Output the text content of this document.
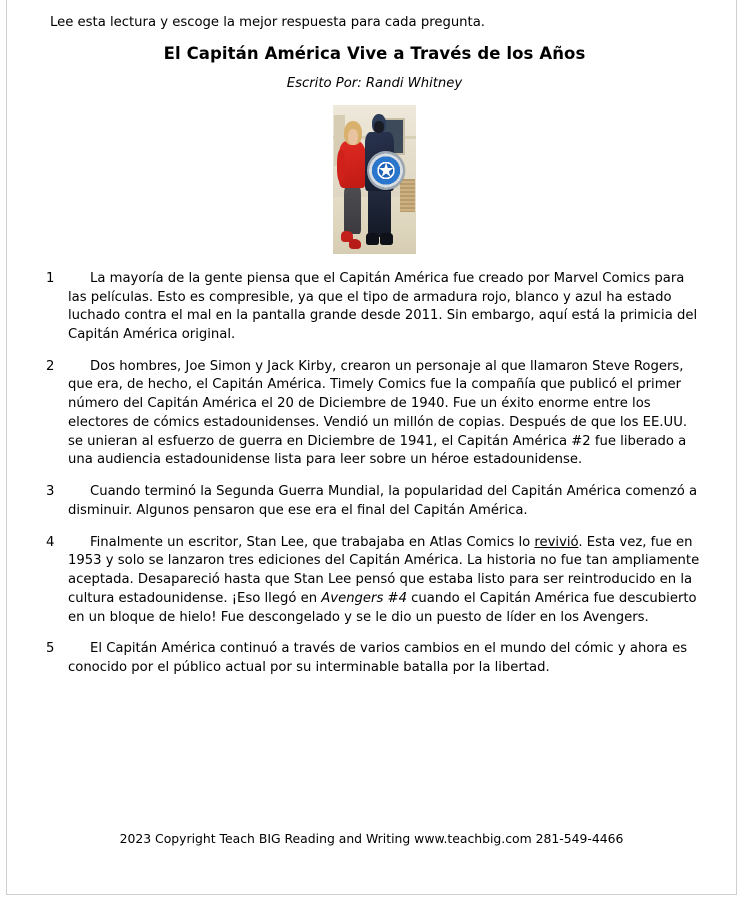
Lee esta lectura y escoge la mejor respuesta para cada pregunta.

El Capitán América Vive a Través de los Años

Escrito Por: Randi Whitney

1	La mayoría de la gente piensa que el Capitán América fue creado por Marvel Comics para las películas. Esto es compresible, ya que el tipo de armadura rojo, blanco y azul ha estado luchado contra el mal en la pantalla grande desde 2011. Sin embargo, aquí está la primicia del Capitán América original.
2	Dos hombres, Joe Simon y Jack Kirby, crearon un personaje al que llamaron Steve Rogers, que era, de hecho, el Capitán América. Timely Comics fue la compañía que publicó el primer número del Capitán América el 20 de Diciembre de 1940. Fue un éxito enorme entre los electores de cómics estadounidenses. Vendió un millón de copias. Después de que los EE.UU. se unieran al esfuerzo de guerra en Diciembre de 1941, el Capitán América #2 fue liberado a una audiencia estadounidense lista para leer sobre un héroe estadounidense.
3	Cuando terminó la Segunda Guerra Mundial, la popularidad del Capitán América comenzó a disminuir. Algunos pensaron que ese era el final del Capitán América.
4	Finalmente un escritor, Stan Lee, que trabajaba en Atlas Comics lo revivió. Esta vez, fue en 1953 y solo se lanzaron tres ediciones del Capitán América. La historia no fue tan ampliamente aceptada. Desapareció hasta que Stan Lee pensó que estaba listo para ser reintroducido en la cultura estadounidense. ¡Eso llegó en Avengers #4 cuando el Capitán América fue descubierto en un bloque de hielo! Fue descongelado y se le dio un puesto de líder en los Avengers.
5	El Capitán América continuó a través de varios cambios en el mundo del cómic y ahora es conocido por el público actual por su interminable batalla por la libertad.
2023 Copyright Teach BIG Reading and Writing www.teachbig.com 281-549-4466
